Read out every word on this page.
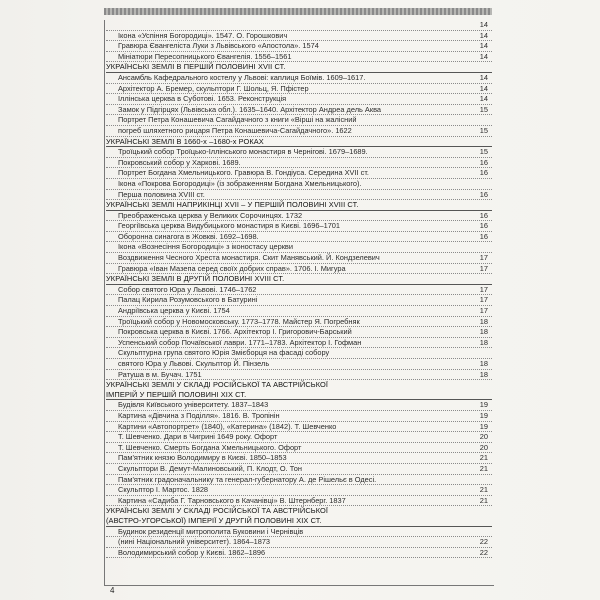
14
Ікона «Успіння Богородиці». 1547. О. Горошкович	14
Гравюра Євангеліста Луки з Львівського «Апостола». 1574	14
Мініатюри Пересопницького Євангелія. 1556–1561	14
УКРАЇНСЬКІ ЗЕМЛІ В ПЕРШІЙ ПОЛОВИНІ XVII СТ.
Ансамбль Кафедрального костелу у Львові: каплиця Боїмів. 1609–1617.	14
Архітектор А. Бремер, скульптори Г. Шольц, Я. Пфістер	14
Іллінська церква в Суботові. 1653. Реконструкція	14
Замок у Підгірцях (Львівська обл.). 1635–1640. Архітектор Андреа дель Аква	15
Портрет Петра Конашевича Сагайдачного з книги «Вірші на жалісний
погреб шляхетного рицаря Петра Конашевича-Сагайдачного». 1622	15
УКРАЇНСЬКІ ЗЕМЛІ В 1660-х –1680-х РОКАХ
Троїцький собор Троїцько-Іллінського монастиря в Чернігові. 1679–1689.	15
Покровський собор у Харкові. 1689.	16
Портрет Богдана Хмельницького. Гравюра В. Гондіуса. Середина XVII ст.	16
Ікона «Покрова Богородиці» (із зображенням Богдана Хмельницького).
Перша половина XVIII ст.	16
УКРАЇНСЬКІ ЗЕМЛІ НАПРИКІНЦІ XVII – У ПЕРШІЙ ПОЛОВИНІ XVIII СТ.
Преображенська церква у Великих Сорочинцях. 1732	16
Георгіївська церква Видубицького монастиря в Києві. 1696–1701	16
Оборонна синагога в Жовкві. 1692–1698.	16
Ікона «Вознесіння Богородиці» з іконостасу церкви
Воздвиження Чесного Хреста монастиря. Скит Манявський. Й. Кондзелевич	17
Гравюра «Іван Мазепа серед своїх добрих справ». 1706. І. Мигура	17
УКРАЇНСЬКІ ЗЕМЛІ В ДРУГІЙ ПОЛОВИНІ XVIII СТ.
Собор святого Юра у Львові. 1746–1762	17
Палац Кирила Розумовського в Батурині	17
Андріївська церква у Києві. 1754	17
Троїцький собор у Новомосковську. 1773–1778. Майстер Я. Погребняк	18
Покровська церква в Києві. 1766. Архітектор І. Григорович-Барський	18
Успенський собор Почаївської лаври. 1771–1783. Архітектор І. Гофман	18
Скульптурна група святого Юрія Змієборця на фасаді собору
святого Юра у Львові. Скульптор Й. Пінзель	18
Ратуша в м. Бучач. 1751	18
УКРАЇНСЬКІ ЗЕМЛІ У СКЛАДІ РОСІЙСЬКОЇ ТА АВСТРІЙСЬКОЇ
ІМПЕРІЙ У ПЕРШІЙ ПОЛОВИНІ XIX СТ.
Будівля Київського університету. 1837–1843	19
Картина «Дівчина з Поділля». 1816. В. Тропінін	19
Картини «Автопортрет» (1840), «Катерина» (1842). Т. Шевченко	19
Т. Шевченко. Дари в Чигрині 1649 року. Офорт	20
Т. Шевченко. Смерть Богдана Хмельницького. Офорт	20
Пам'ятник князю Володимиру в Києві. 1850–1853	21
Скульптори В. Демут-Малиновський, П. Клодт, О. Тон	21
Пам'ятник градоначальнику та генерал-губернатору А. де Рішельє в Одесі.
Скульптор І. Мартос. 1828	21
Картина «Садиба Г. Тарновського в Качанівці» В. Штернберг. 1837	21
УКРАЇНСЬКІ ЗЕМЛІ У СКЛАДІ РОСІЙСЬКОЇ ТА АВСТРІЙСЬКОЇ
(АВСТРО-УГОРСЬКОЇ) ІМПЕРІЇ У ДРУГІЙ ПОЛОВИНІ XIX СТ.
Будинок резиденції митрополита Буковини і Чернівців
(нині Національний університет). 1864–1873	22
Володимирський собор у Києві. 1862–1896	22
4
